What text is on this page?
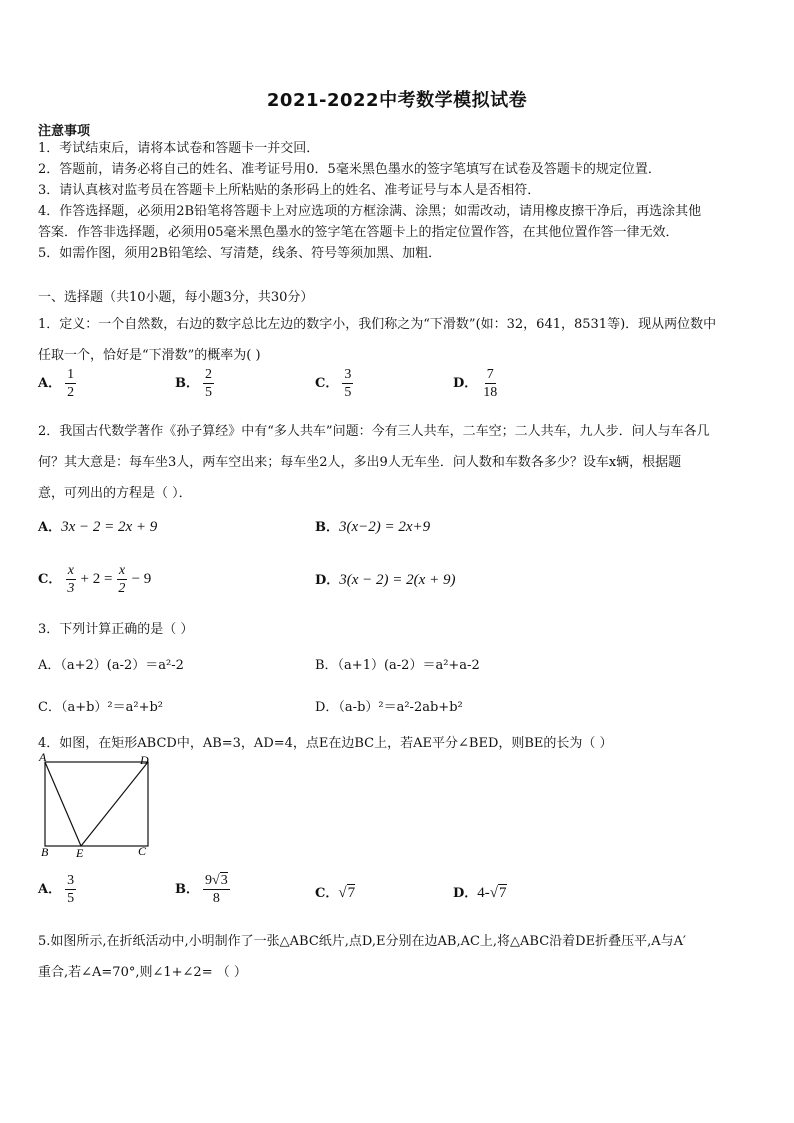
2021-2022中考数学模拟试卷
注意事项
1．考试结束后，请将本试卷和答题卡一并交回．
2．答题前，请务必将自己的姓名、准考证号用0．5毫米黑色墨水的签字笔填写在试卷及答题卡的规定位置．
3．请认真核对监考员在答题卡上所粘贴的条形码上的姓名、准考证号与本人是否相符．
4．作答选择题，必须用2B铅笔将答题卡上对应选项的方框涂满、涂黑；如需改动，请用橡皮擦干净后，再选涂其他
答案．作答非选择题，必须用05毫米黑色墨水的签字笔在答题卡上的指定位置作答，在其他位置作答一律无效．
5．如需作图，须用2B铅笔绘、写清楚，线条、符号等须加黑、加粗．
一、选择题（共10小题，每小题3分，共30分）
1．定义：一个自然数，右边的数字总比左边的数字小，我们称之为“下滑数”(如：32，641，8531等)．现从两位数中
任取一个，恰好是“下滑数”的概率为( )
A． $\frac{1}{2}$	B． $\frac{2}{5}$	C． $\frac{3}{5}$	D． $\frac{7}{18}$
2．我国古代数学著作《孙子算经》中有“多人共车”问题：今有三人共车，二车空；二人共车，九人步．问人与车各几
何？其大意是：每车坐3人，两车空出来；每车坐2人，多出9人无车坐．问人数和车数各多少？设车x辆，根据题
意，可列出的方程是（ ）．
A．3x − 2 = 2x + 9	B．3(x−2) = 2x+9
C． $\frac{x}{3} + 2 = \frac{x}{2} - 9$	D．3(x − 2) = 2(x + 9)
3．下列计算正确的是（ ）
A．（a+2）(a-2）＝a²-2	B．（a+1）(a-2）＝a²+a-2
C．（a+b）²＝a²+b²	D．（a-b）²＝a²-2ab+b²
4．如图，在矩形ABCD中，AB=3，AD=4，点E在边BC上，若AE平分∠BED，则BE的长为（ ）
A	D
B E	C
A． $\frac{3}{5}$	B． $\frac{9√3}{8}$	C．√7	D．4-√7
5.如图所示,在折纸活动中,小明制作了一张△ABC纸片,点D,E分别在边AB,AC上,将△ABC沿着DE折叠压平,A与A′
重合,若∠A=70°,则∠1+∠2= （ ）
